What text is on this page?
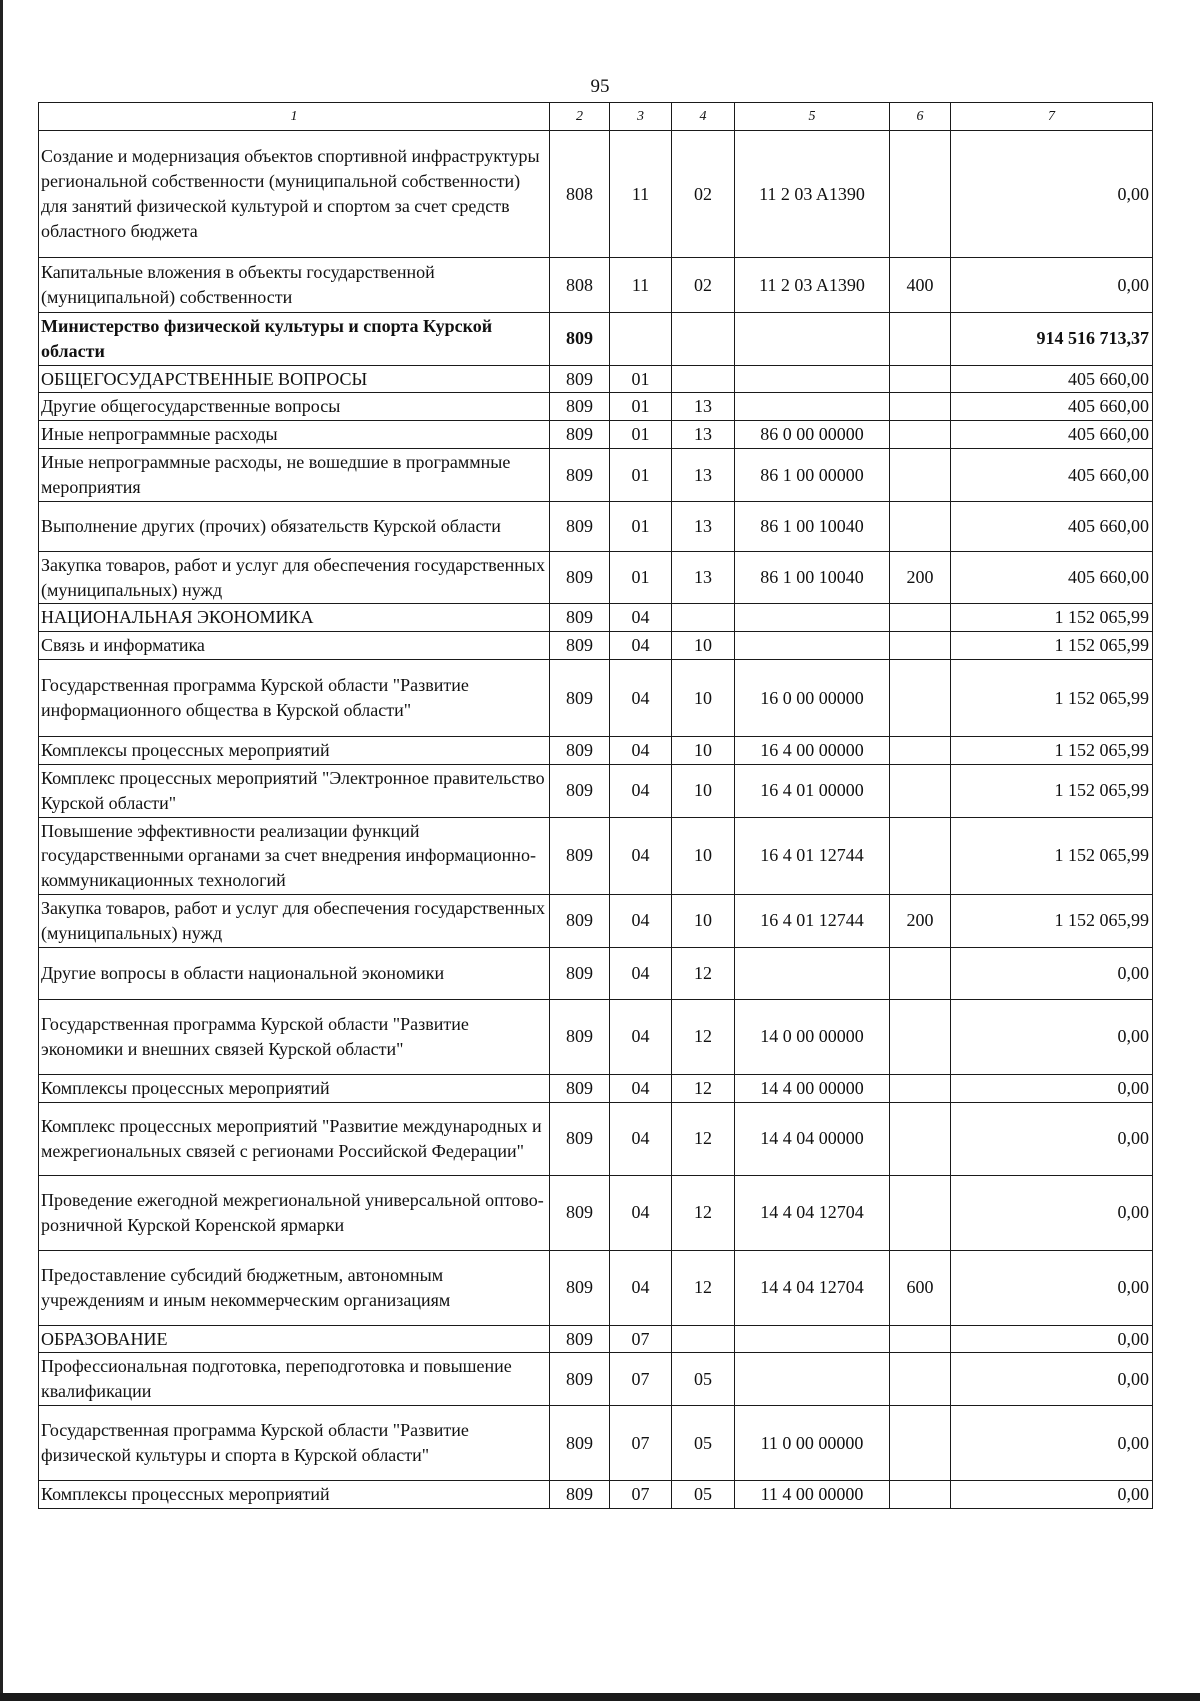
95
1	2	3	4	5	6	7
Создание и модернизация объектов спортивной инфраструктуры региональной собственности (муниципальной собственности) для занятий физической культурой и спортом за счет средств областного бюджета	808	11	02	11 2 03 A1390		0,00
Капитальные вложения в объекты государственной (муниципальной) собственности	808	11	02	11 2 03 A1390	400	0,00
Министерство физической культуры и спорта Курской области	809					914 516 713,37
ОБЩЕГОСУДАРСТВЕННЫЕ ВОПРОСЫ	809	01				405 660,00
Другие общегосударственные вопросы	809	01	13			405 660,00
Иные непрограммные расходы	809	01	13	86 0 00 00000		405 660,00
Иные непрограммные расходы, не вошедшие в программные мероприятия	809	01	13	86 1 00 00000		405 660,00
Выполнение других (прочих) обязательств Курской области	809	01	13	86 1 00 10040		405 660,00
Закупка товаров, работ и услуг для обеспечения государственных (муниципальных) нужд	809	01	13	86 1 00 10040	200	405 660,00
НАЦИОНАЛЬНАЯ ЭКОНОМИКА	809	04				1 152 065,99
Связь и информатика	809	04	10			1 152 065,99
Государственная программа Курской области "Развитие информационного общества в Курской области"	809	04	10	16 0 00 00000		1 152 065,99
Комплексы процессных мероприятий	809	04	10	16 4 00 00000		1 152 065,99
Комплекс процессных мероприятий "Электронное правительство Курской области"	809	04	10	16 4 01 00000		1 152 065,99
Повышение эффективности реализации функций государственными органами за счет внедрения информационно-коммуникационных технологий	809	04	10	16 4 01 12744		1 152 065,99
Закупка товаров, работ и услуг для обеспечения государственных (муниципальных) нужд	809	04	10	16 4 01 12744	200	1 152 065,99
Другие вопросы в области национальной экономики	809	04	12			0,00
Государственная программа Курской области "Развитие экономики и внешних связей Курской области"	809	04	12	14 0 00 00000		0,00
Комплексы процессных мероприятий	809	04	12	14 4 00 00000		0,00
Комплекс процессных мероприятий "Развитие международных и межрегиональных связей с регионами Российской Федерации"	809	04	12	14 4 04 00000		0,00
Проведение ежегодной межрегиональной универсальной оптово-розничной Курской Коренской ярмарки	809	04	12	14 4 04 12704		0,00
Предоставление субсидий бюджетным, автономным учреждениям и иным некоммерческим организациям	809	04	12	14 4 04 12704	600	0,00
ОБРАЗОВАНИЕ	809	07				0,00
Профессиональная подготовка, переподготовка и повышение квалификации	809	07	05			0,00
Государственная программа Курской области "Развитие физической культуры и спорта в Курской области"	809	07	05	11 0 00 00000		0,00
Комплексы процессных мероприятий	809	07	05	11 4 00 00000		0,00
